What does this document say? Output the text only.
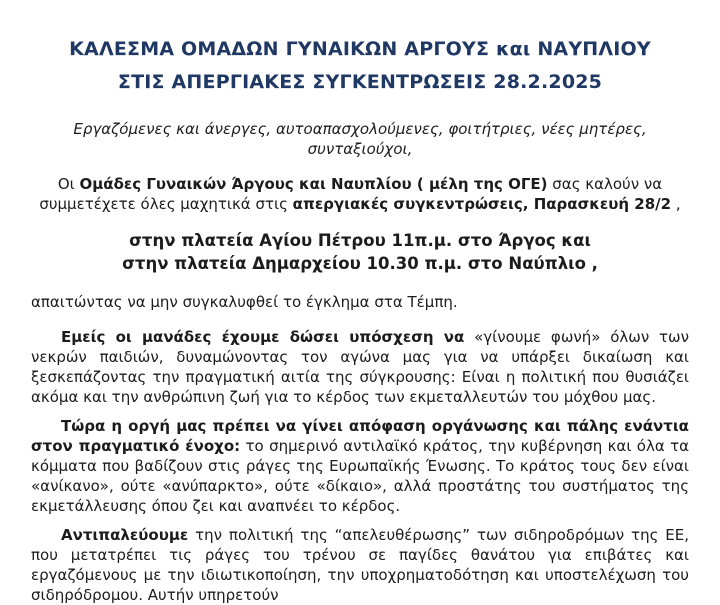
ΚΑΛΕΣΜΑ ΟΜΑΔΩΝ ΓΥΝΑΙΚΩΝ ΑΡΓΟΥΣ και ΝΑΥΠΛΙΟΥ
ΣΤΙΣ ΑΠΕΡΓΙΑΚΕΣ ΣΥΓΚΕΝΤΡΩΣΕΙΣ 28.2.2025

Εργαζόμενες και άνεργες, αυτοαπασχολούμενες, φοιτήτριες, νέες μητέρες, συνταξιούχοι,

Οι Ομάδες Γυναικών Άργους και Ναυπλίου ( μέλη της ΟΓΕ) σας καλούν να συμμετέχετε όλες μαχητικά στις απεργιακές συγκεντρώσεις, Παρασκευή 28/2 ,

στην πλατεία Αγίου Πέτρου 11π.μ. στο Άργος και
στην πλατεία Δημαρχείου 10.30 π.μ. στο Ναύπλιο ,

απαιτώντας να μην συγκαλυφθεί το έγκλημα στα Τέμπη.

Εμείς οι μανάδες έχουμε δώσει υπόσχεση να «γίνουμε φωνή» όλων των νεκρών παιδιών, δυναμώνοντας τον αγώνα μας για να υπάρξει δικαίωση και ξεσκεπάζοντας την πραγματική αιτία της σύγκρουσης: Είναι η πολιτική που θυσιάζει ακόμα και την ανθρώπινη ζωή για το κέρδος των εκμεταλλευτών του μόχθου μας.

Τώρα η οργή μας πρέπει να γίνει απόφαση οργάνωσης και πάλης ενάντια στον πραγματικό ένοχο: το σημερινό αντιλαϊκό κράτος, την κυβέρνηση και όλα τα κόμματα που βαδίζουν στις ράγες της Ευρωπαϊκής Ένωσης. Το κράτος τους δεν είναι «ανίκανο», ούτε «ανύπαρκτο», ούτε «δίκαιο», αλλά προστάτης του συστήματος της εκμετάλλευσης όπου ζει και αναπνέει το κέρδος.

Αντιπαλεύουμε την πολιτική της “απελευθέρωσης” των σιδηροδρόμων της ΕΕ, που μετατρέπει τις ράγες του τρένου σε παγίδες θανάτου για επιβάτες και εργαζόμενους με την ιδιωτικοποίηση, την υποχρηματοδότηση και υποστελέχωση του σιδηρόδρομου. Αυτήν υπηρετούν
